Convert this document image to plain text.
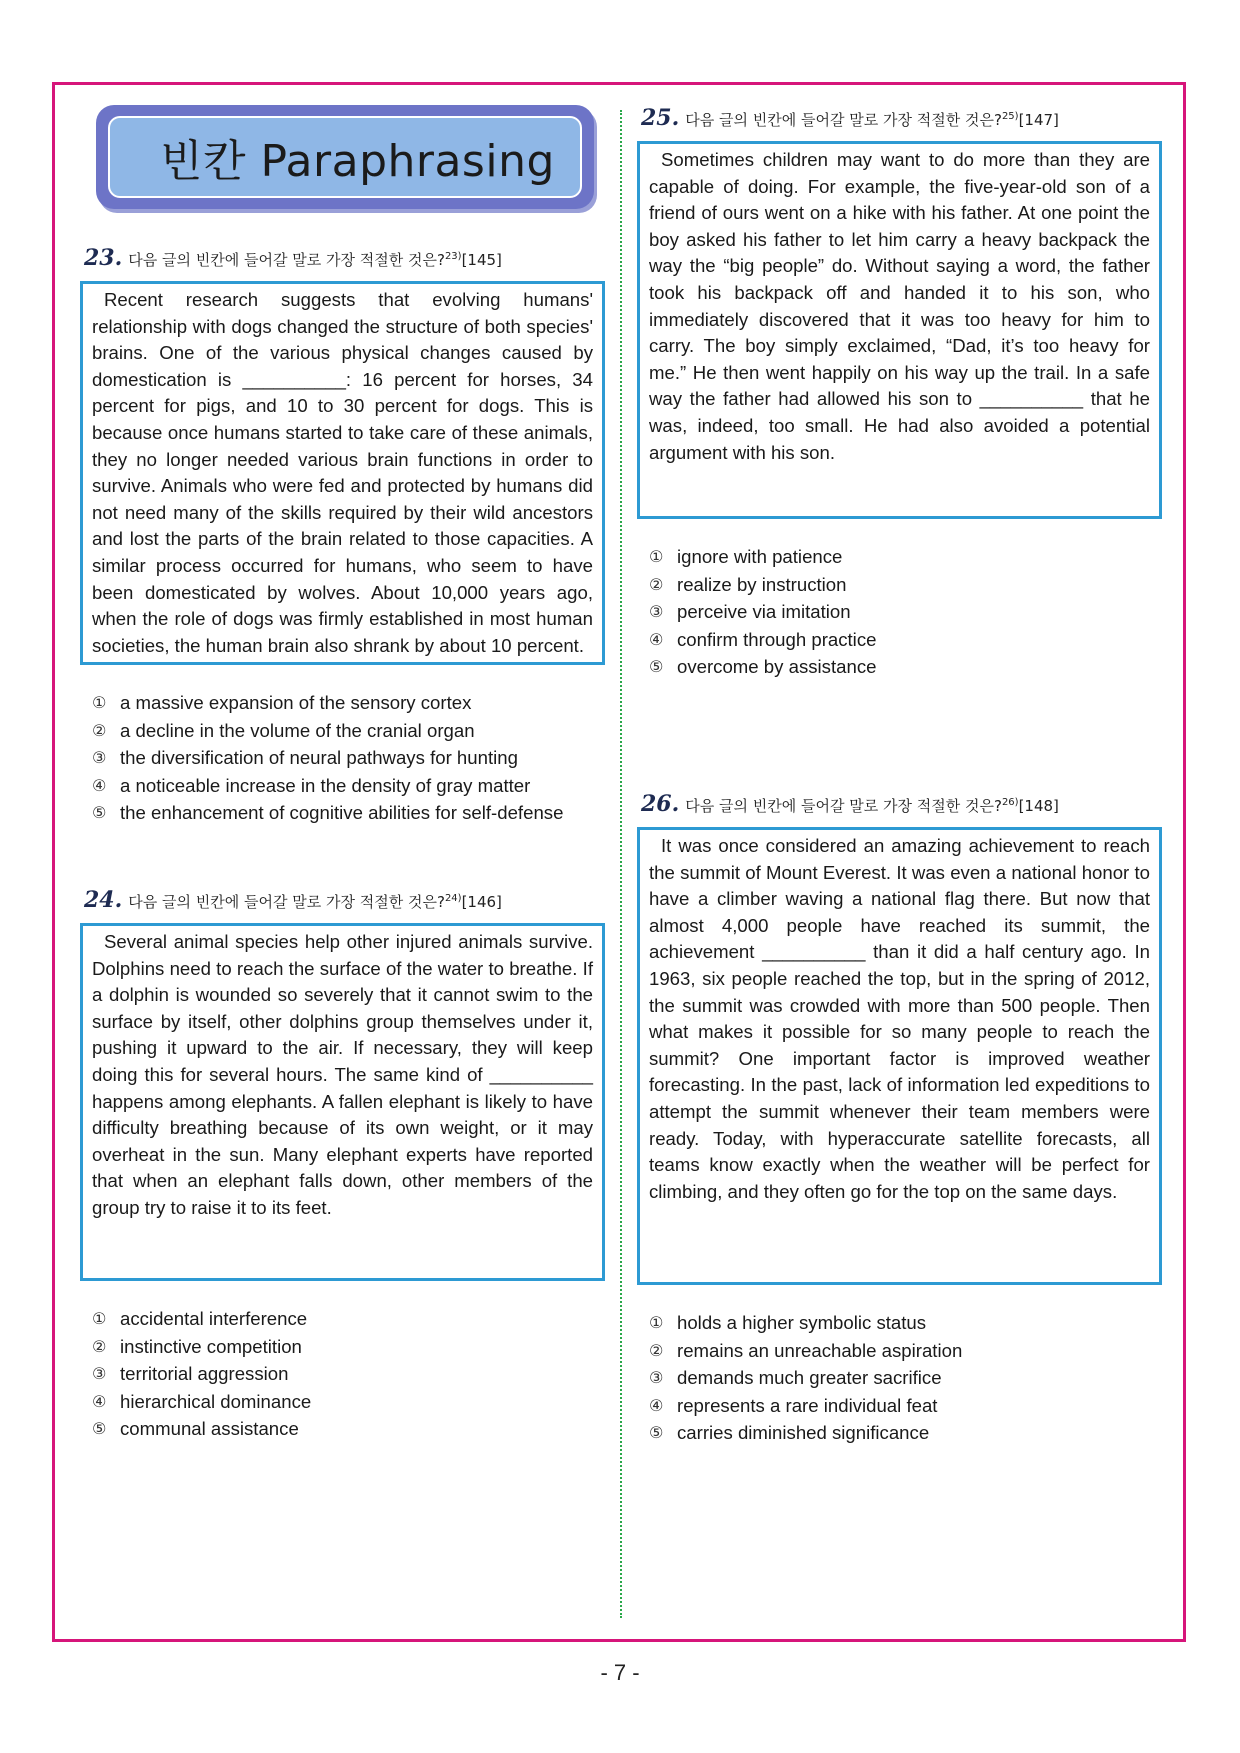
빈칸 Paraphrasing
23. 다음 글의 빈칸에 들어갈 말로 가장 적절한 것은? $^{23)}$[145]
Recent research suggests that evolving humans' relationship with dogs changed the structure of both species' brains. One of the various physical changes caused by domestication is __________: 16 percent for horses, 34 percent for pigs, and 10 to 30 percent for dogs. This is because once humans started to take care of these animals, they no longer needed various brain functions in order to survive. Animals who were fed and protected by humans did not need many of the skills required by their wild ancestors and lost the parts of the brain related to those capacities. A similar process occurred for humans, who seem to have been domesticated by wolves. About 10,000 years ago, when the role of dogs was firmly established in most human societies, the human brain also shrank by about 10 percent.
① a massive expansion of the sensory cortex
② a decline in the volume of the cranial organ
③ the diversification of neural pathways for hunting
④ a noticeable increase in the density of gray matter
⑤ the enhancement of cognitive abilities for self-defense
24. 다음 글의 빈칸에 들어갈 말로 가장 적절한 것은? $^{24)}$[146]
Several animal species help other injured animals survive. Dolphins need to reach the surface of the water to breathe. If a dolphin is wounded so severely that it cannot swim to the surface by itself, other dolphins group themselves under it, pushing it upward to the air. If necessary, they will keep doing this for several hours. The same kind of __________ happens among elephants. A fallen elephant is likely to have difficulty breathing because of its own weight, or it may overheat in the sun. Many elephant experts have reported that when an elephant falls down, other members of the group try to raise it to its feet.
① accidental interference
② instinctive competition
③ territorial aggression
④ hierarchical dominance
⑤ communal assistance
25. 다음 글의 빈칸에 들어갈 말로 가장 적절한 것은? $^{25)}$[147]
Sometimes children may want to do more than they are capable of doing. For example, the five-year-old son of a friend of ours went on a hike with his father. At one point the boy asked his father to let him carry a heavy backpack the way the “big people” do. Without saying a word, the father took his backpack off and handed it to his son, who immediately discovered that it was too heavy for him to carry. The boy simply exclaimed, “Dad, it’s too heavy for me.” He then went happily on his way up the trail. In a safe way the father had allowed his son to __________ that he was, indeed, too small. He had also avoided a potential argument with his son.
① ignore with patience
② realize by instruction
③ perceive via imitation
④ confirm through practice
⑤ overcome by assistance
26. 다음 글의 빈칸에 들어갈 말로 가장 적절한 것은? $^{26)}$[148]
It was once considered an amazing achievement to reach the summit of Mount Everest. It was even a national honor to have a climber waving a national flag there. But now that almost 4,000 people have reached its summit, the achievement __________ than it did a half century ago. In 1963, six people reached the top, but in the spring of 2012, the summit was crowded with more than 500 people. Then what makes it possible for so many people to reach the summit? One important factor is improved weather forecasting. In the past, lack of information led expeditions to attempt the summit whenever their team members were ready. Today, with hyperaccurate satellite forecasts, all teams know exactly when the weather will be perfect for climbing, and they often go for the top on the same days.
① holds a higher symbolic status
② remains an unreachable aspiration
③ demands much greater sacrifice
④ represents a rare individual feat
⑤ carries diminished significance
- 7 -
